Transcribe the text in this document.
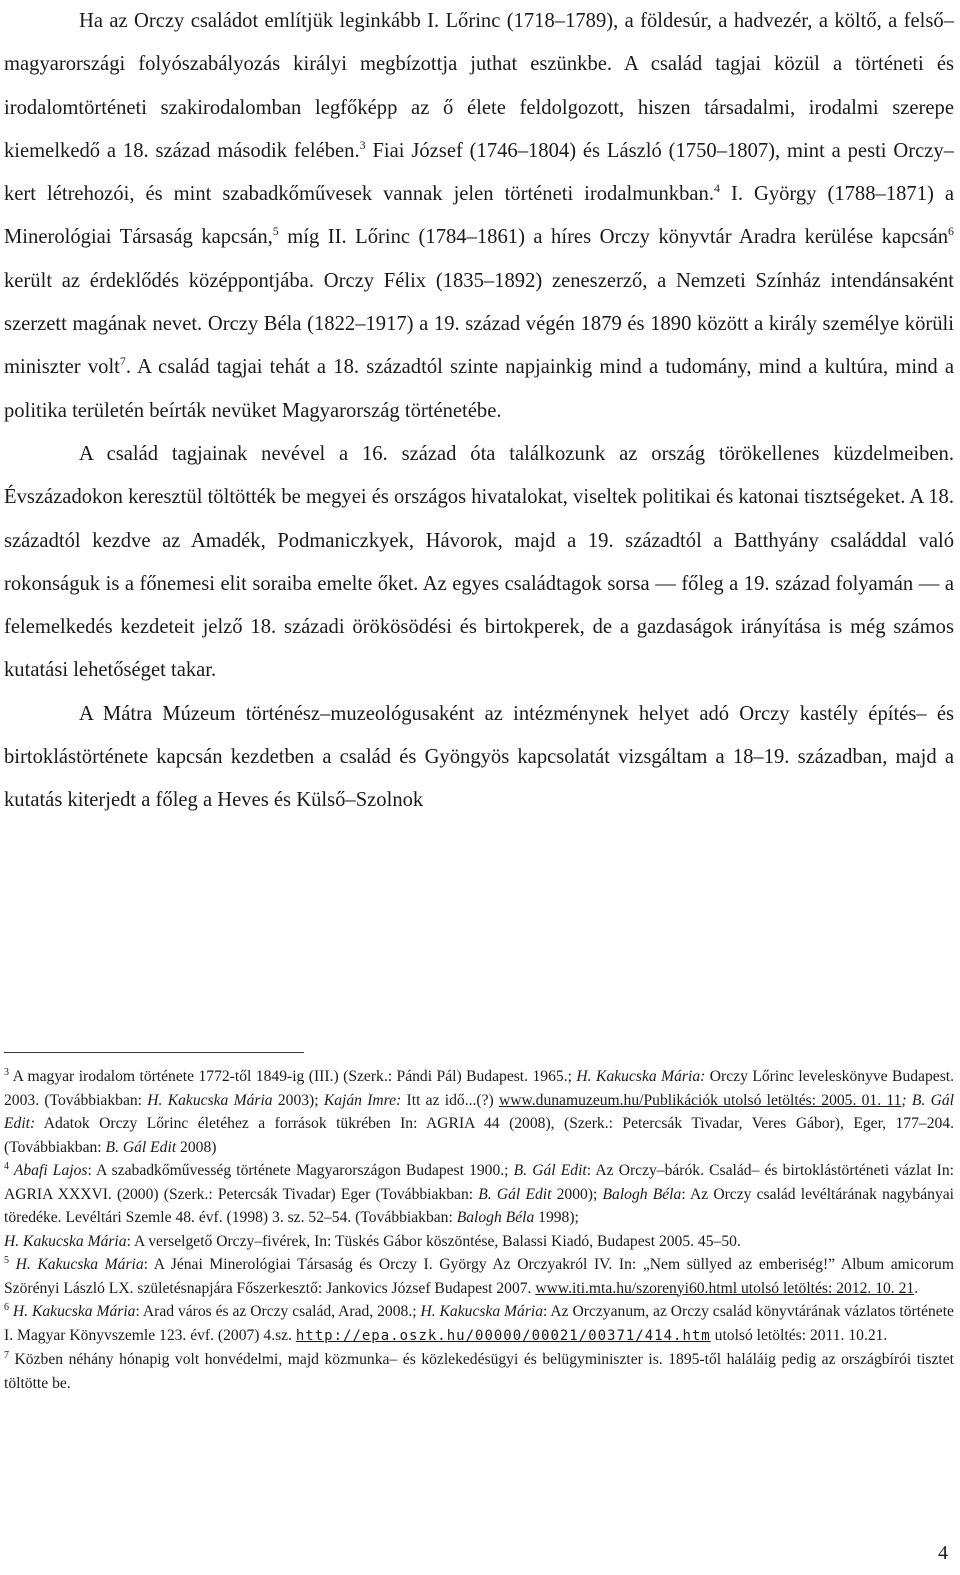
Ha az Orczy családot említjük leginkább I. Lőrinc (1718–1789), a földesúr, a hadvezér, a költő, a felső–magyarországi folyószabályozás királyi megbízottja juthat eszünkbe. A család tagjai közül a történeti és irodalomtörténeti szakirodalomban legfőképp az ő élete feldolgozott, hiszen társadalmi, irodalmi szerepe kiemelkedő a 18. század második felében.$^3$ Fiai József (1746–1804) és László (1750–1807), mint a pesti Orczy–kert létrehozói, és mint szabadkőművesek vannak jelen történeti irodalmunkban.$^4$ I. György (1788–1871) a Minerológiai Társaság kapcsán,$^5$ míg II. Lőrinc (1784–1861) a híres Orczy könyvtár Aradra kerülése kapcsán$^6$ került az érdeklődés középpontjába. Orczy Félix (1835–1892) zeneszerző, a Nemzeti Színház intendánsaként szerzett magának nevet. Orczy Béla (1822–1917) a 19. század végén 1879 és 1890 között a király személye körüli miniszter volt$^7$. A család tagjai tehát a 18. századtól szinte napjainkig mind a tudomány, mind a kultúra, mind a politika területén beírták nevüket Magyarország történetébe.

A család tagjainak nevével a 16. század óta találkozunk az ország törökellenes küzdelmeiben. Évszázadokon keresztül töltötték be megyei és országos hivatalokat, viseltek politikai és katonai tisztségeket. A 18. századtól kezdve az Amadék, Podmaniczkyek, Hávorok, majd a 19. századtól a Batthyány családdal való rokonságuk is a főnemesi elit soraiba emelte őket. Az egyes családtagok sorsa — főleg a 19. század folyamán — a felemelkedés kezdeteit jelző 18. századi örökösödési és birtokperek, de a gazdaságok irányítása is még számos kutatási lehetőséget takar.

A Mátra Múzeum történész–muzeológusaként az intézménynek helyet adó Orczy kastély építés– és birtoklástörténete kapcsán kezdetben a család és Gyöngyös kapcsolatát vizsgáltam a 18–19. században, majd a kutatás kiterjedt a főleg a Heves és Külső–Szolnok

$^3$ A magyar irodalom története 1772-től 1849-ig (III.) (Szerk.: Pándi Pál) Budapest. 1965.; H. Kakucska Mária: Orczy Lőrinc leveleskönyve Budapest. 2003. (Továbbiakban: H. Kakucska Mária 2003); Kaján Imre: Itt az idő...(?) www.dunamuzeum.hu/Publikációk utolsó letöltés: 2005. 01. 11; B. Gál Edit: Adatok Orczy Lőrinc életéhez a források tükrében In: AGRIA 44 (2008), (Szerk.: Petercsák Tivadar, Veres Gábor), Eger, 177–204. (Továbbiakban: B. Gál Edit 2008)

$^4$ Abafi Lajos: A szabadkőművesség története Magyarországon Budapest 1900.; B. Gál Edit: Az Orczy–bárók. Család– és birtoklástörténeti vázlat In: AGRIA XXXVI. (2000) (Szerk.: Petercsák Tivadar) Eger (Továbbiakban: B. Gál Edit 2000); Balogh Béla: Az Orczy család levéltárának nagybányai töredéke. Levéltári Szemle 48. évf. (1998) 3. sz. 52–54. (Továbbiakban: Balogh Béla 1998);
H. Kakucska Mária: A verselgető Orczy–fivérek, In: Tüskés Gábor köszöntése, Balassi Kiadó, Budapest 2005. 45–50.

$^5$ H. Kakucska Mária: A Jénai Minerológiai Társaság és Orczy I. György Az Orczyakról IV. In: „Nem süllyed az emberiség!” Album amicorum Szörényi László LX. születésnapjára Főszerkesztő: Jankovics József Budapest 2007. www.iti.mta.hu/szorenyi60.html utolsó letöltés: 2012. 10. 21.

$^6$ H. Kakucska Mária: Arad város és az Orczy család, Arad, 2008.; H. Kakucska Mária: Az Orczyanum, az Orczy család könyvtárának vázlatos története I. Magyar Könyvszemle 123. évf. (2007) 4.sz. http://epa.oszk.hu/00000/00021/00371/414.htm utolsó letöltés: 2011. 10.21.

$^7$ Közben néhány hónapig volt honvédelmi, majd közmunka– és közlekedésügyi és belügyminiszter is. 1895-től haláláig pedig az országbírói tisztet töltötte be.

4
